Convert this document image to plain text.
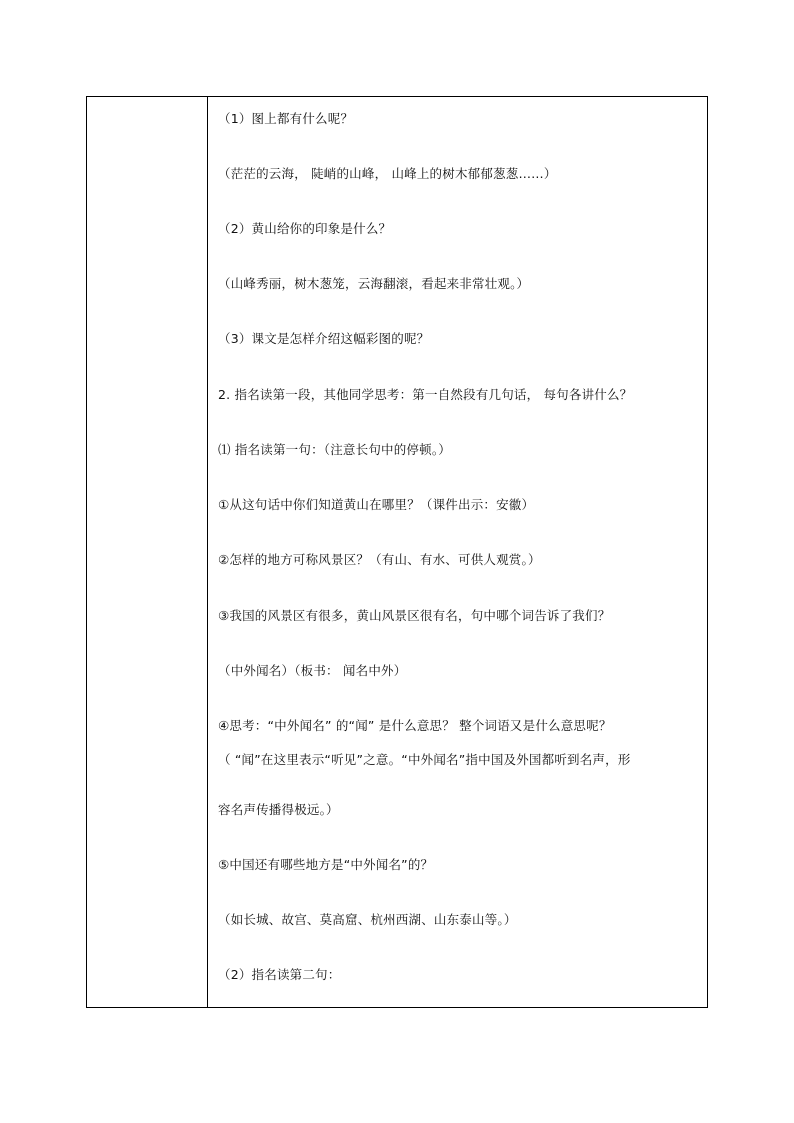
（1）图上都有什么呢？
（茫茫的云海， 陡峭的山峰， 山峰上的树木郁郁葱葱……）
（2）黄山给你的印象是什么？
（山峰秀丽，树木葱笼，云海翻滚，看起来非常壮观。）
（3）课文是怎样介绍这幅彩图的呢？
2. 指名读第一段，其他同学思考：第一自然段有几句话， 每句各讲什么？
⑴ 指名读第一句：（注意长句中的停顿。）
①从这句话中你们知道黄山在哪里？（课件出示：安徽）
②怎样的地方可称风景区？（有山、有水、可供人观赏。）
③我国的风景区有很多，黄山风景区很有名，句中哪个词告诉了我们？
（中外闻名）（板书： 闻名中外）
④思考：“中外闻名” 的“闻” 是什么意思？ 整个词语又是什么意思呢？
（ “闻”在这里表示“听见”之意。“中外闻名”指中国及外国都听到名声，形
容名声传播得极远。）
⑤中国还有哪些地方是“中外闻名”的？
（如长城、故宫、莫高窟、杭州西湖、山东泰山等。）
（2）指名读第二句：
